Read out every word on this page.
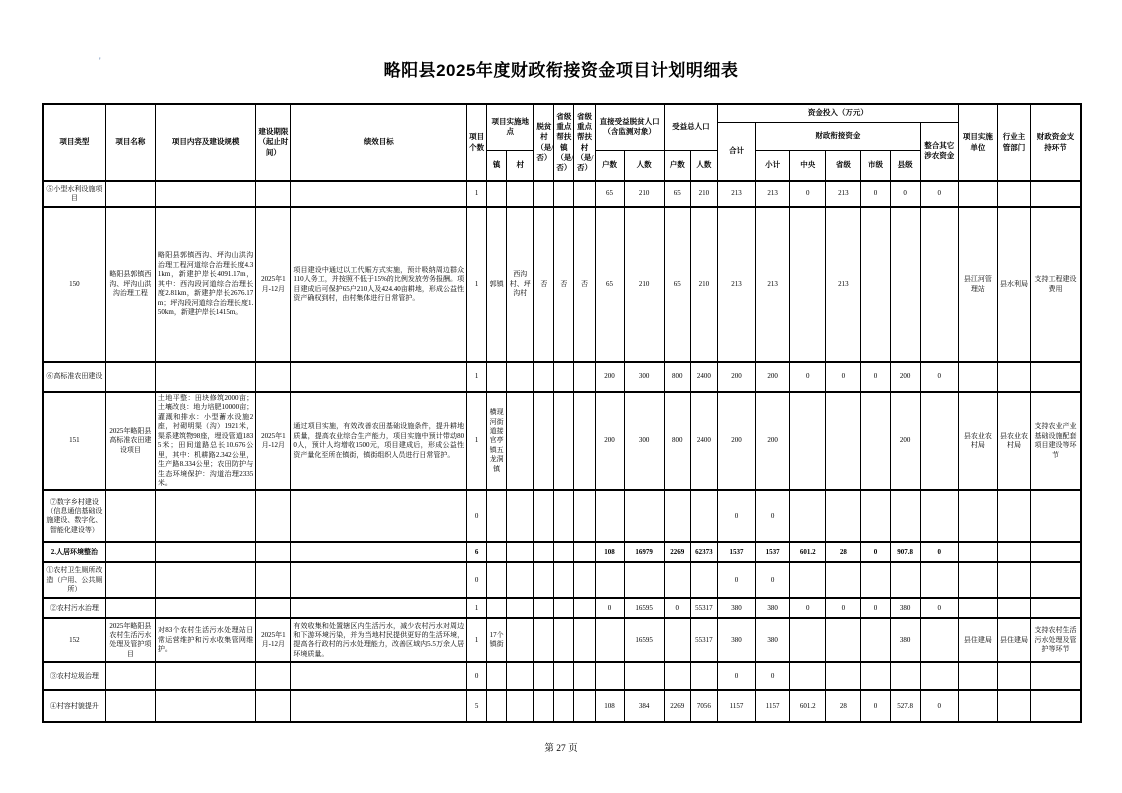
'	略阳县2025年度财政衔接资金项目计划明细表
项目类型	项目名称	项目内容及建设规模	建设期限（起止时间）	绩效目标	项目个数	项目实施地点		脱贫村（是/否）	省级重点帮扶镇（是/否）	省级重点帮扶村（是/否）	直接受益脱贫人口（含监测对象）		受益总人口		资金投入（万元）							项目实施单位	行业主管部门	财政资金支持环节
															合计	财政衔接资金					整合其它涉农资金			
						镇	村				户数	人数	户数	人数		小计	中央	省级	市级	县级				
⑤小型水利设施项目					1						65	210	65	210	213	213	0	213	0	0	0			
150	略阳县郭镇西沟、坪沟山洪沟治理工程	略阳县郭镇西沟、坪沟山洪沟治理工程河道综合治理长度4.31km，新建护岸长4091.17m，其中：西沟段河道综合治理长度2.81km，新建护岸长2676.17m；坪沟段河道综合治理长度1.50km，新建护岸长1415m。	2025年1月-12月	项目建设中通过以工代赈方式实施，预计吸纳周边群众110人务工，并按照不低于15%的比例发放劳务报酬。项目建成后可保护65户210人及424.40亩耕地，形成公益性资产确权到村，由村集体进行日常管护。	1	郭镇	西沟村、坪沟村	否	否	否	65	210	65	210	213	213		213				县江河管理站	县水利局	支持工程建设费用
⑥高标准农田建设					1						200	300	800	2400	200	200	0	0	0	200	0			
151	2025年略阳县高标准农田建设项目	土地平整：田块修筑2000亩；土壤改良：地力培肥10000亩；灌溉和排水：小型蓄水设施2座，衬砌明渠（沟）1921米，渠系建筑物98座，埋设管道1835米；田间道路总长10.676公里，其中：机耕路2.342公里，生产路8.334公里；农田防护与生态环境保护：沟道治理2335米。	2025年1月-12月	通过项目实施，有效改善农田基础设施条件，提升耕地质量，提高农业综合生产能力，项目实施中预计带动800人，预计人均增收1500元，项目建成后，形成公益性资产量化至所在镇街，镇街组织人员进行日常管护。	1	横现河街道接官亭镇五龙洞镇					200	300	800	2400	200	200				200		县农业农村局	县农业农村局	支持农业产业基础设施配套项目建设等环节
⑦数字乡村建设（信息通信基础设施建设、数字化、智能化建设等）					0										0	0								
2.人居环境整治					6						108	16979	2269	62373	1537	1537	601.2	28	0	907.8	0			
①农村卫生厕所改造（户用、公共厕所）					0										0	0								
②农村污水治理					1						0	16595	0	55317	380	380	0	0	0	380	0			
152	2025年略阳县农村生活污水处理及管护项目	对83个农村生活污水处理站日常运营维护和污水收集管网维护。	2025年1月-12月	有效收集和处置辖区内生活污水，减少农村污水对周边和下游环境污染，并为当地村民提供更好的生活环境，提高各行政村的污水处理能力，改善区域内5.5万余人居环境质量。	1	17个镇街						16595		55317	380	380				380		县住建局	县住建局	支持农村生活污水处理及管护等环节
③农村垃圾治理					0										0	0								
④村容村貌提升					5						108	384	2269	7056	1157	1157	601.2	28	0	527.8	0			
第 27 页
